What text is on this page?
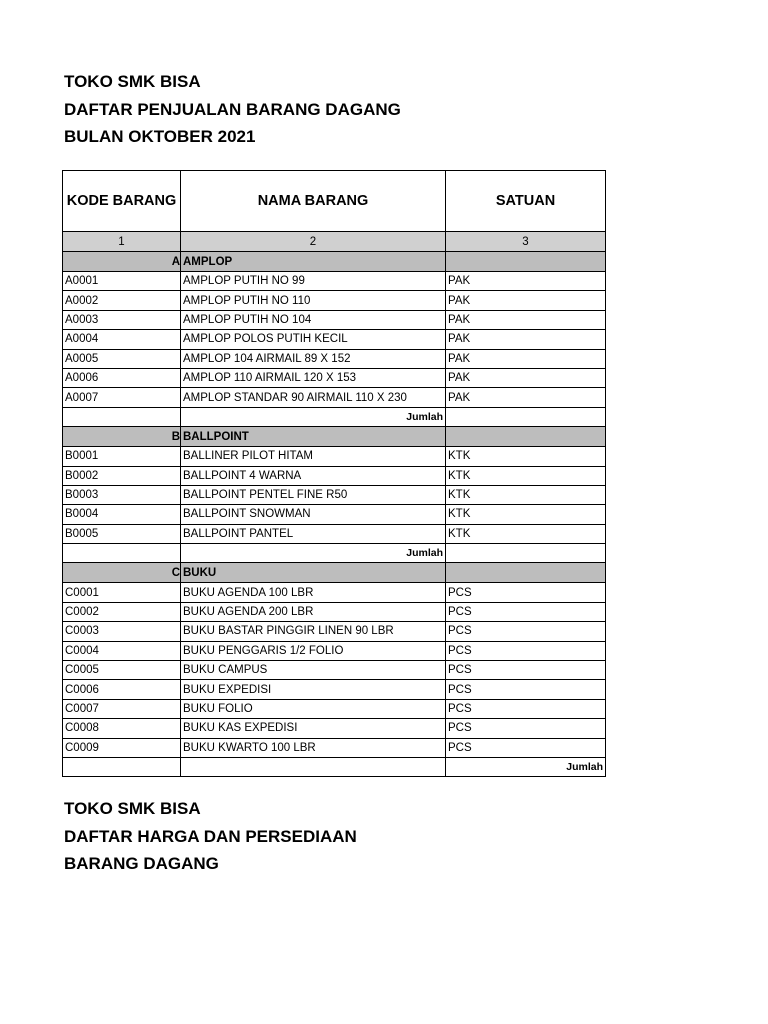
TOKO SMK BISA
DAFTAR PENJUALAN BARANG DAGANG
BULAN OKTOBER 2021
KODE BARANG	NAMA BARANG	SATUAN
1	2	3
A	AMPLOP	
A0001	AMPLOP PUTIH NO 99	PAK
A0002	AMPLOP PUTIH NO 110	PAK
A0003	AMPLOP PUTIH NO 104	PAK
A0004	AMPLOP POLOS PUTIH KECIL	PAK
A0005	AMPLOP 104 AIRMAIL 89 X 152	PAK
A0006	AMPLOP 110 AIRMAIL 120 X 153	PAK
A0007	AMPLOP STANDAR 90 AIRMAIL 110 X 230	PAK
	Jumlah	
B	BALLPOINT	
B0001	BALLINER PILOT HITAM	KTK
B0002	BALLPOINT 4 WARNA	KTK
B0003	BALLPOINT PENTEL FINE R50	KTK
B0004	BALLPOINT SNOWMAN	KTK
B0005	BALLPOINT PANTEL	KTK
	Jumlah	
C	BUKU	
C0001	BUKU AGENDA 100 LBR	PCS
C0002	BUKU AGENDA 200 LBR	PCS
C0003	BUKU BASTAR PINGGIR LINEN 90 LBR	PCS
C0004	BUKU PENGGARIS 1/2 FOLIO	PCS
C0005	BUKU CAMPUS	PCS
C0006	BUKU EXPEDISI	PCS
C0007	BUKU FOLIO	PCS
C0008	BUKU KAS EXPEDISI	PCS
C0009	BUKU KWARTO 100 LBR	PCS
		Jumlah
TOKO SMK BISA
DAFTAR HARGA DAN PERSEDIAAN
BARANG DAGANG
